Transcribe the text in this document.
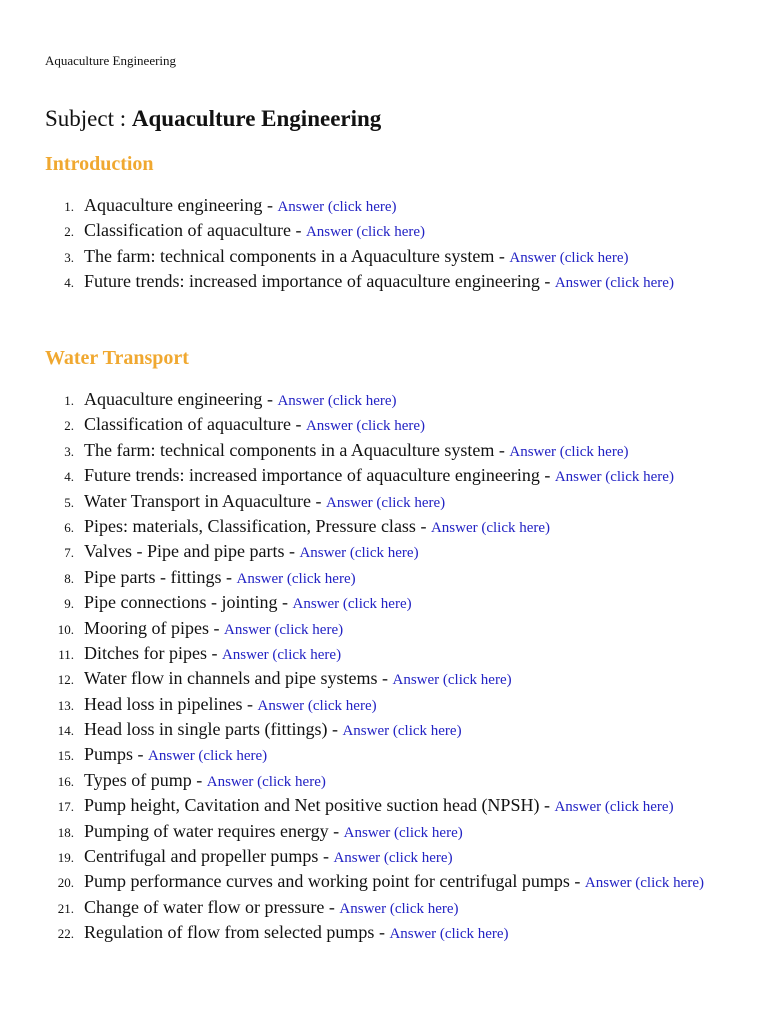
Aquaculture Engineering
Subject : Aquaculture Engineering
Introduction
1. Aquaculture engineering - Answer (click here)
2. Classification of aquaculture - Answer (click here)
3. The farm: technical components in a Aquaculture system - Answer (click here)
4. Future trends: increased importance of aquaculture engineering - Answer (click here)
Water Transport
1. Aquaculture engineering - Answer (click here)
2. Classification of aquaculture - Answer (click here)
3. The farm: technical components in a Aquaculture system - Answer (click here)
4. Future trends: increased importance of aquaculture engineering - Answer (click here)
5. Water Transport in Aquaculture - Answer (click here)
6. Pipes: materials, Classification, Pressure class - Answer (click here)
7. Valves - Pipe and pipe parts - Answer (click here)
8. Pipe parts - fittings - Answer (click here)
9. Pipe connections - jointing - Answer (click here)
10. Mooring of pipes - Answer (click here)
11. Ditches for pipes - Answer (click here)
12. Water flow in channels and pipe systems - Answer (click here)
13. Head loss in pipelines - Answer (click here)
14. Head loss in single parts (fittings) - Answer (click here)
15. Pumps - Answer (click here)
16. Types of pump - Answer (click here)
17. Pump height, Cavitation and Net positive suction head (NPSH) - Answer (click here)
18. Pumping of water requires energy - Answer (click here)
19. Centrifugal and propeller pumps - Answer (click here)
20. Pump performance curves and working point for centrifugal pumps - Answer (click here)
21. Change of water flow or pressure - Answer (click here)
22. Regulation of flow from selected pumps - Answer (click here)
